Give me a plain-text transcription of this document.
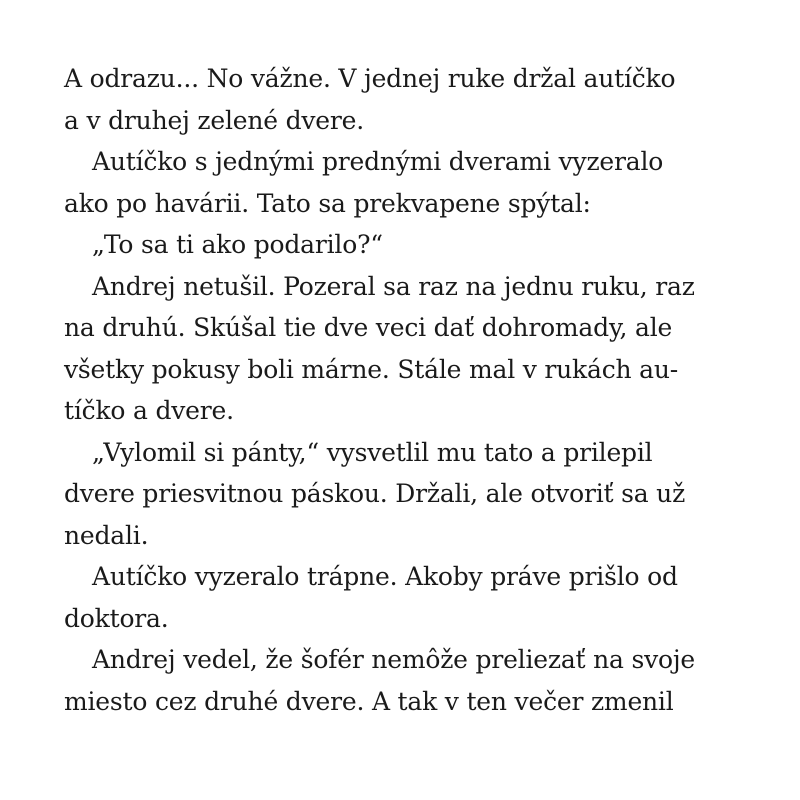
A odrazu... No vážne. V jednej ruke držal autíčko
a v druhej zelené dvere.
Autíčko s jednými prednými dverami vyzeralo
ako po havárii. Tato sa prekvapene spýtal:
„To sa ti ako podarilo?“
Andrej netušil. Pozeral sa raz na jednu ruku, raz
na druhú. Skúšal tie dve veci dať dohromady, ale
všetky pokusy boli márne. Stále mal v rukách au-
tíčko a dvere.
„Vylomil si pánty,“ vysvetlil mu tato a prilepil
dvere priesvitnou páskou. Držali, ale otvoriť sa už
nedali.
Autíčko vyzeralo trápne. Akoby práve prišlo od
doktora.
Andrej vedel, že šofér nemôže preliezať na svoje
miesto cez druhé dvere. A tak v ten večer zmenil
